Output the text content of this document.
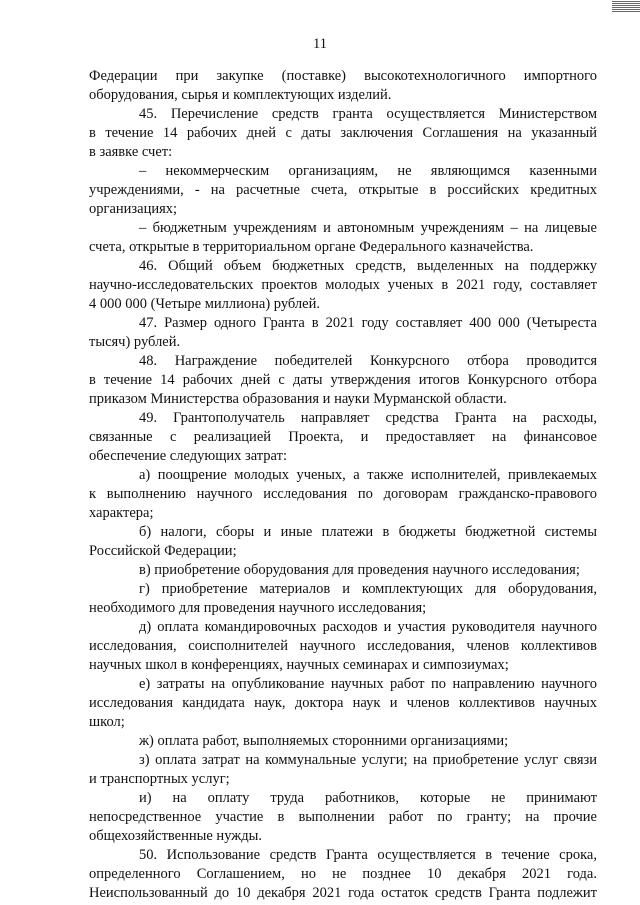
11
Федерации при закупке (поставке) высокотехнологичного импортного
оборудования, сырья и комплектующих изделий.
45. Перечисление средств гранта осуществляется Министерством
в течение 14 рабочих дней с даты заключения Соглашения на указанный
в заявке счет:
– некоммерческим организациям, не являющимся казенными
учреждениями, - на расчетные счета, открытые в российских кредитных
организациях;
– бюджетным учреждениям и автономным учреждениям – на лицевые
счета, открытые в территориальном органе Федерального казначейства.
46. Общий объем бюджетных средств, выделенных на поддержку
научно-исследовательских проектов молодых ученых в 2021 году, составляет
4 000 000 (Четыре миллиона) рублей.
47. Размер одного Гранта в 2021 году составляет 400 000 (Четыреста
тысяч) рублей.
48. Награждение победителей Конкурсного отбора проводится
в течение 14 рабочих дней с даты утверждения итогов Конкурсного отбора
приказом Министерства образования и науки Мурманской области.
49. Грантополучатель направляет средства Гранта на расходы,
связанные с реализацией Проекта, и предоставляет на финансовое
обеспечение следующих затрат:
а) поощрение молодых ученых, а также исполнителей, привлекаемых
к выполнению научного исследования по договорам гражданско-правового
характера;
б) налоги, сборы и иные платежи в бюджеты бюджетной системы
Российской Федерации;
в) приобретение оборудования для проведения научного исследования;
г) приобретение материалов и комплектующих для оборудования,
необходимого для проведения научного исследования;
д) оплата командировочных расходов и участия руководителя научного
исследования, соисполнителей научного исследования, членов коллективов
научных школ в конференциях, научных семинарах и симпозиумах;
е) затраты на опубликование научных работ по направлению научного
исследования кандидата наук, доктора наук и членов коллективов научных
школ;
ж) оплата работ, выполняемых сторонними организациями;
з) оплата затрат на коммунальные услуги; на приобретение услуг связи
и транспортных услуг;
и) на оплату труда работников, которые не принимают
непосредственное участие в выполнении работ по гранту; на прочие
общехозяйственные нужды.
50. Использование средств Гранта осуществляется в течение срока,
определенного Соглашением, но не позднее 10 декабря 2021 года.
Неиспользованный до 10 декабря 2021 года остаток средств Гранта подлежит
